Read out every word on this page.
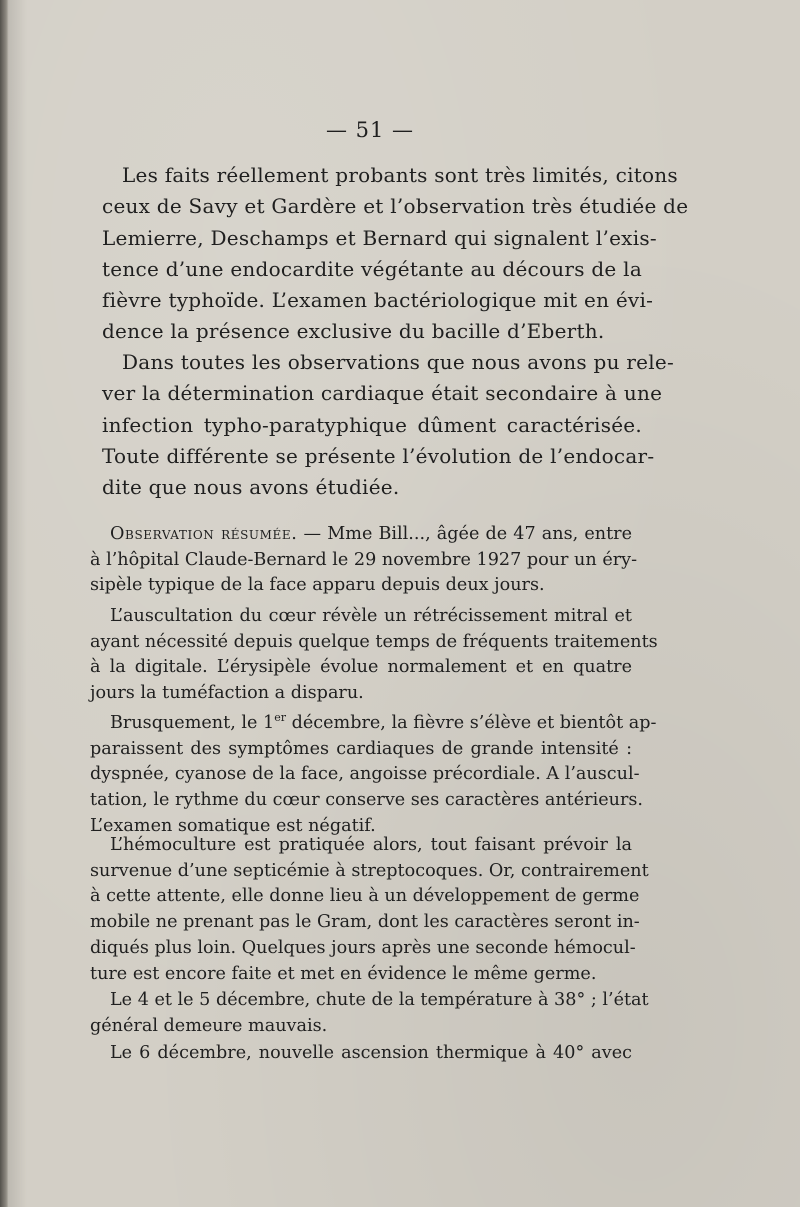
— 51 —
Les faits réellement probants sont très limités, citons
ceux de Savy et Gardère et l’observation très étudiée de
Lemierre, Deschamps et Bernard qui signalent l’exis-
tence d’une endocardite végétante au décours de la
fièvre typhoïde. L’examen bactériologique mit en évi-
dence la présence exclusive du bacille d’Eberth.
Dans toutes les observations que nous avons pu rele-
ver la détermination cardiaque était secondaire à une
infection typho-paratyphique dûment caractérisée.
Toute différente se présente l’évolution de l’endocar-
dite que nous avons étudiée.
Observation résumée. — Mme Bill..., âgée de 47 ans, entre
à l’hôpital Claude-Bernard le 29 novembre 1927 pour un éry-
sipèle typique de la face apparu depuis deux jours.
L’auscultation du cœur révèle un rétrécissement mitral et
ayant nécessité depuis quelque temps de fréquents traitements
à la digitale. L’érysipèle évolue normalement et en quatre
jours la tuméfaction a disparu.
Brusquement, le 1er décembre, la fièvre s’élève et bientôt ap-
paraissent des symptômes cardiaques de grande intensité :
dyspnée, cyanose de la face, angoisse précordiale. A l’auscul-
tation, le rythme du cœur conserve ses caractères antérieurs.
L’examen somatique est négatif.
L’hémoculture est pratiquée alors, tout faisant prévoir la
survenue d’une septicémie à streptocoques. Or, contrairement
à cette attente, elle donne lieu à un développement de germe
mobile ne prenant pas le Gram, dont les caractères seront in-
diqués plus loin. Quelques jours après une seconde hémocul-
ture est encore faite et met en évidence le même germe.
Le 4 et le 5 décembre, chute de la température à 38° ; l’état
général demeure mauvais.
Le 6 décembre, nouvelle ascension thermique à 40° avec
